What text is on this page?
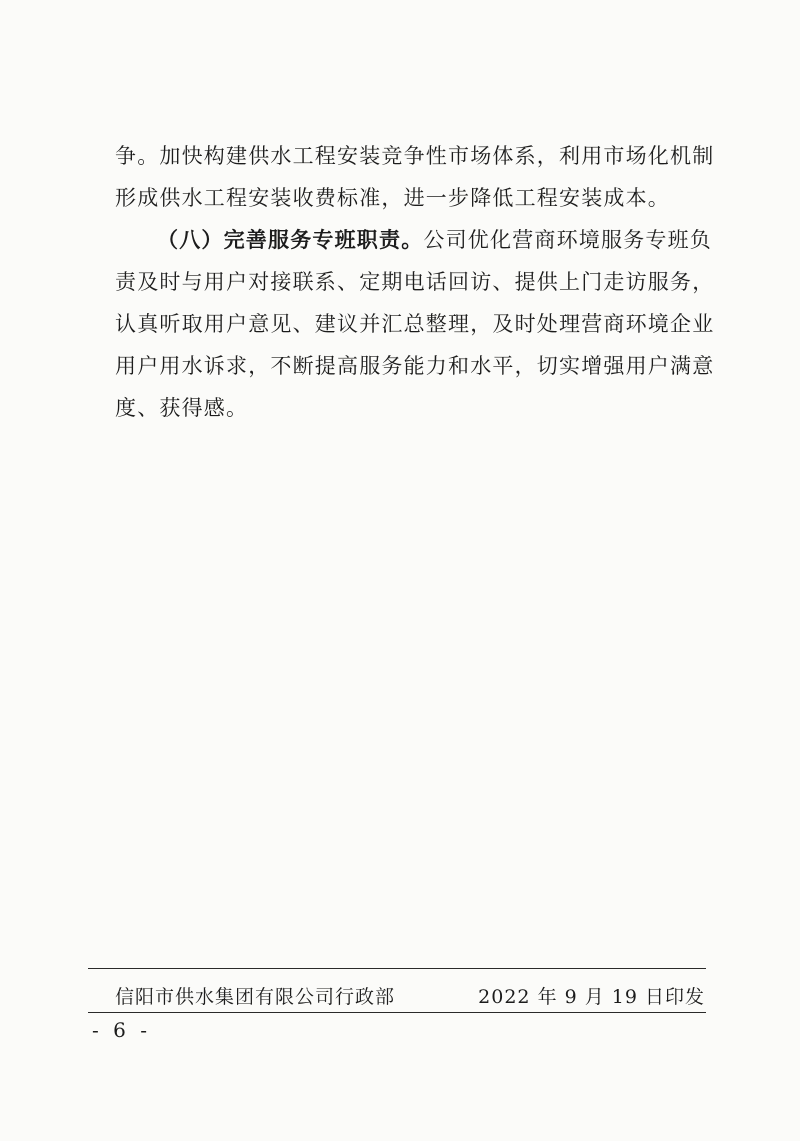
争。加快构建供水工程安装竞争性市场体系，利用市场化机制形成供水工程安装收费标准，进一步降低工程安装成本。

（八）完善服务专班职责。公司优化营商环境服务专班负责及时与用户对接联系、定期电话回访、提供上门走访服务，认真听取用户意见、建议并汇总整理，及时处理营商环境企业用户用水诉求，不断提高服务能力和水平，切实增强用户满意度、获得感。

信阳市供水集团有限公司行政部	2022 年 9 月 19 日印发
- 6 -
